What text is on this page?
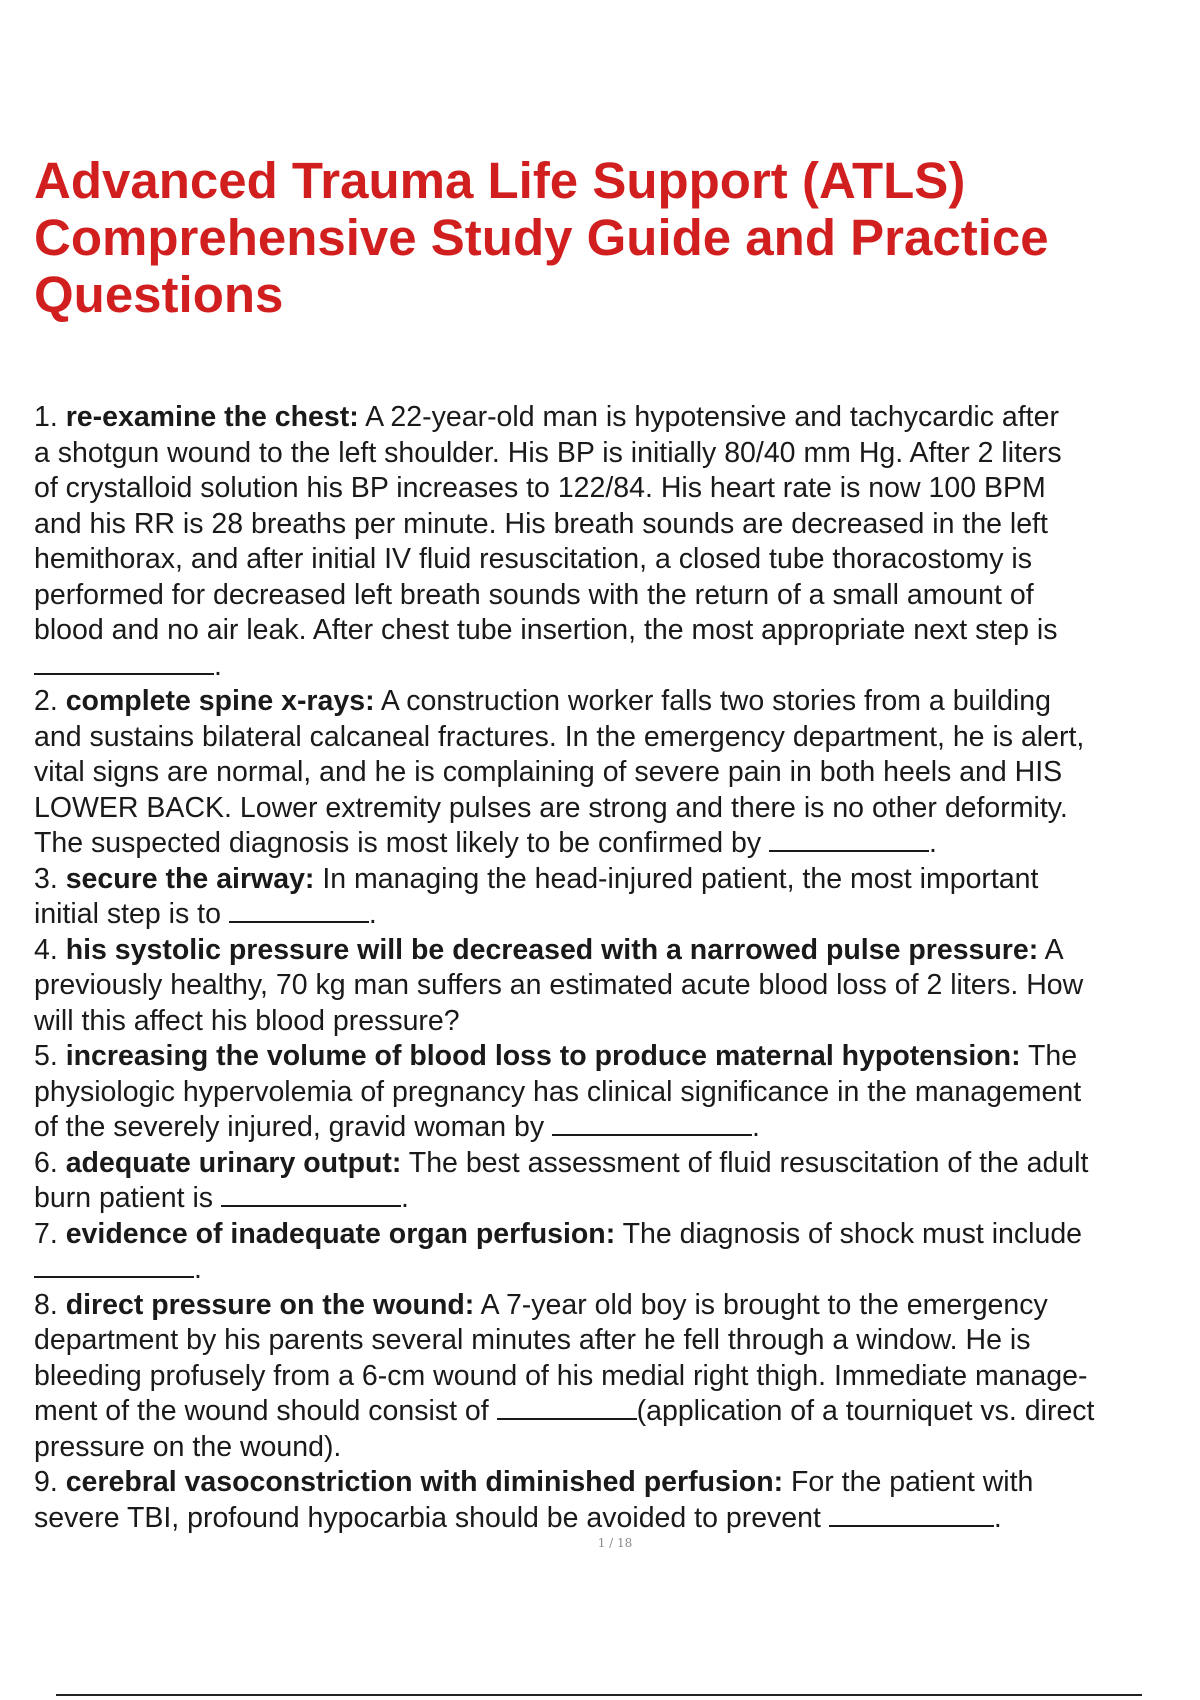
Advanced Trauma Life Support (ATLS)
Comprehensive Study Guide and Practice
Questions
1. re-examine the chest: A 22-year-old man is hypotensive and tachycardic after
a shotgun wound to the left shoulder. His BP is initially 80/40 mm Hg. After 2 liters
of crystalloid solution his BP increases to 122/84. His heart rate is now 100 BPM
and his RR is 28 breaths per minute. His breath sounds are decreased in the left
hemithorax, and after initial IV fluid resuscitation, a closed tube thoracostomy is
performed for decreased left breath sounds with the return of a small amount of
blood and no air leak. After chest tube insertion, the most appropriate next step is
.
2. complete spine x-rays: A construction worker falls two stories from a building
and sustains bilateral calcaneal fractures. In the emergency department, he is alert,
vital signs are normal, and he is complaining of severe pain in both heels and HIS
LOWER BACK. Lower extremity pulses are strong and there is no other deformity.
The suspected diagnosis is most likely to be confirmed by	.
3. secure the airway: In managing the head-injured patient, the most important
initial step is to	.
4. his systolic pressure will be decreased with a narrowed pulse pressure: A
previously healthy, 70 kg man suffers an estimated acute blood loss of 2 liters. How
will this affect his blood pressure?
5. increasing the volume of blood loss to produce maternal hypotension: The
physiologic hypervolemia of pregnancy has clinical significance in the management
of the severely injured, gravid woman by	.
6. adequate urinary output: The best assessment of fluid resuscitation of the adult
burn patient is	.
7. evidence of inadequate organ perfusion: The diagnosis of shock must include
.
8. direct pressure on the wound: A 7-year old boy is brought to the emergency
department by his parents several minutes after he fell through a window. He is
bleeding profusely from a 6-cm wound of his medial right thigh. Immediate manage-
ment of the wound should consist of	(application of a tourniquet vs. direct
pressure on the wound).
9. cerebral vasoconstriction with diminished perfusion: For the patient with
severe TBI, profound hypocarbia should be avoided to prevent	.
1 / 18
